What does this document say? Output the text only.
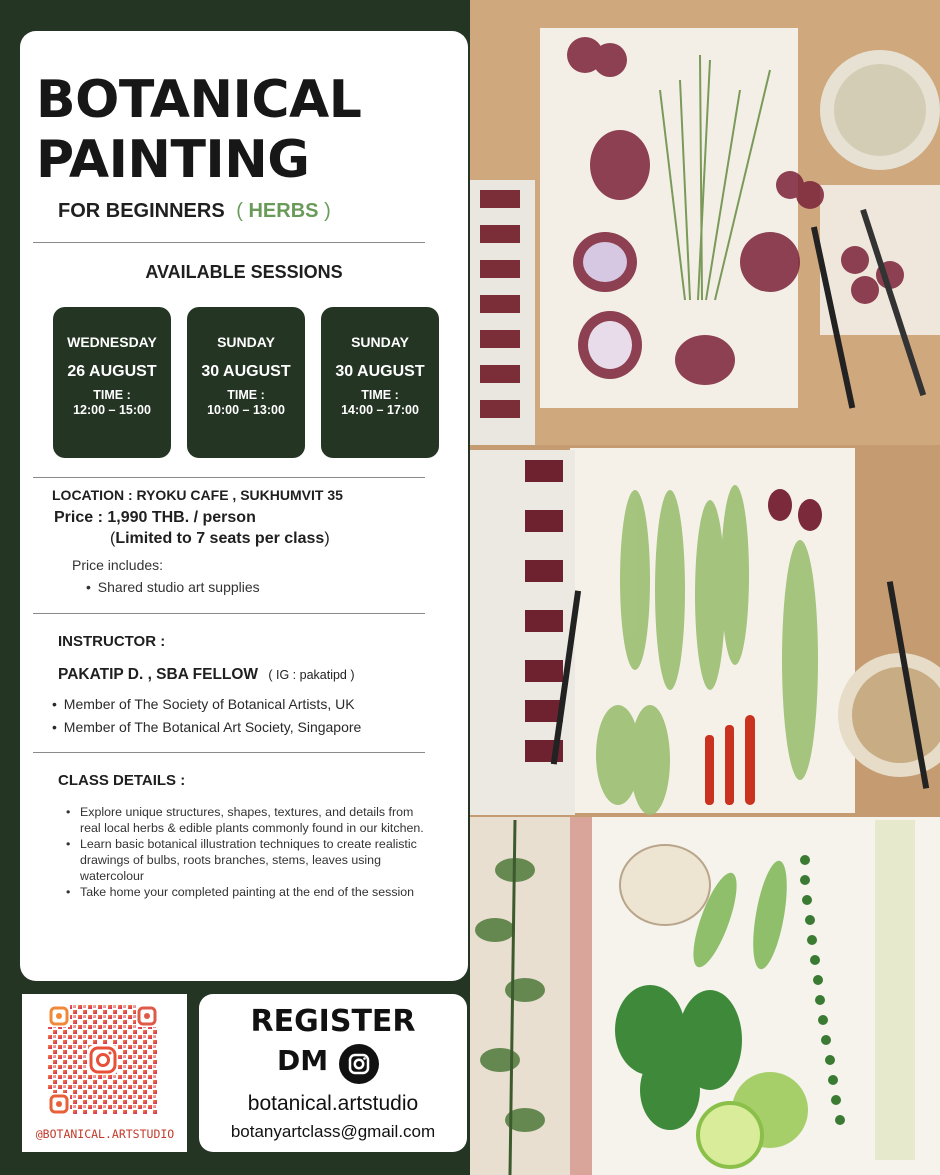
BOTANICAL
PAINTING
FOR BEGINNERS ( HERBS )
AVAILABLE SESSIONS
WEDNESDAY
26 AUGUST
TIME :
12:00 – 15:00
SUNDAY
30 AUGUST
TIME :
10:00 – 13:00
SUNDAY
30 AUGUST
TIME :
14:00 – 17:00
LOCATION : RYOKU CAFE , SUKHUMVIT 35
Price : 1,990 THB. / person
(Limited to 7 seats per class)
Price includes:
• Shared studio art supplies
INSTRUCTOR :
PAKATIP D. , SBA FELLOW ( IG : pakatipd )
• Member of The Society of Botanical Artists, UK
• Member of The Botanical Art Society, Singapore
CLASS DETAILS :
• Explore unique structures, shapes, textures, and details from real local herbs & edible plants commonly found in our kitchen.
• Learn basic botanical illustration techniques to create realistic drawings of bulbs, roots branches, stems, leaves using watercolour
• Take home your completed painting at the end of the session
@BOTANICAL.ARTSTUDIO
REGISTER
DM
botanical.artstudio
botanyartclass@gmail.com
